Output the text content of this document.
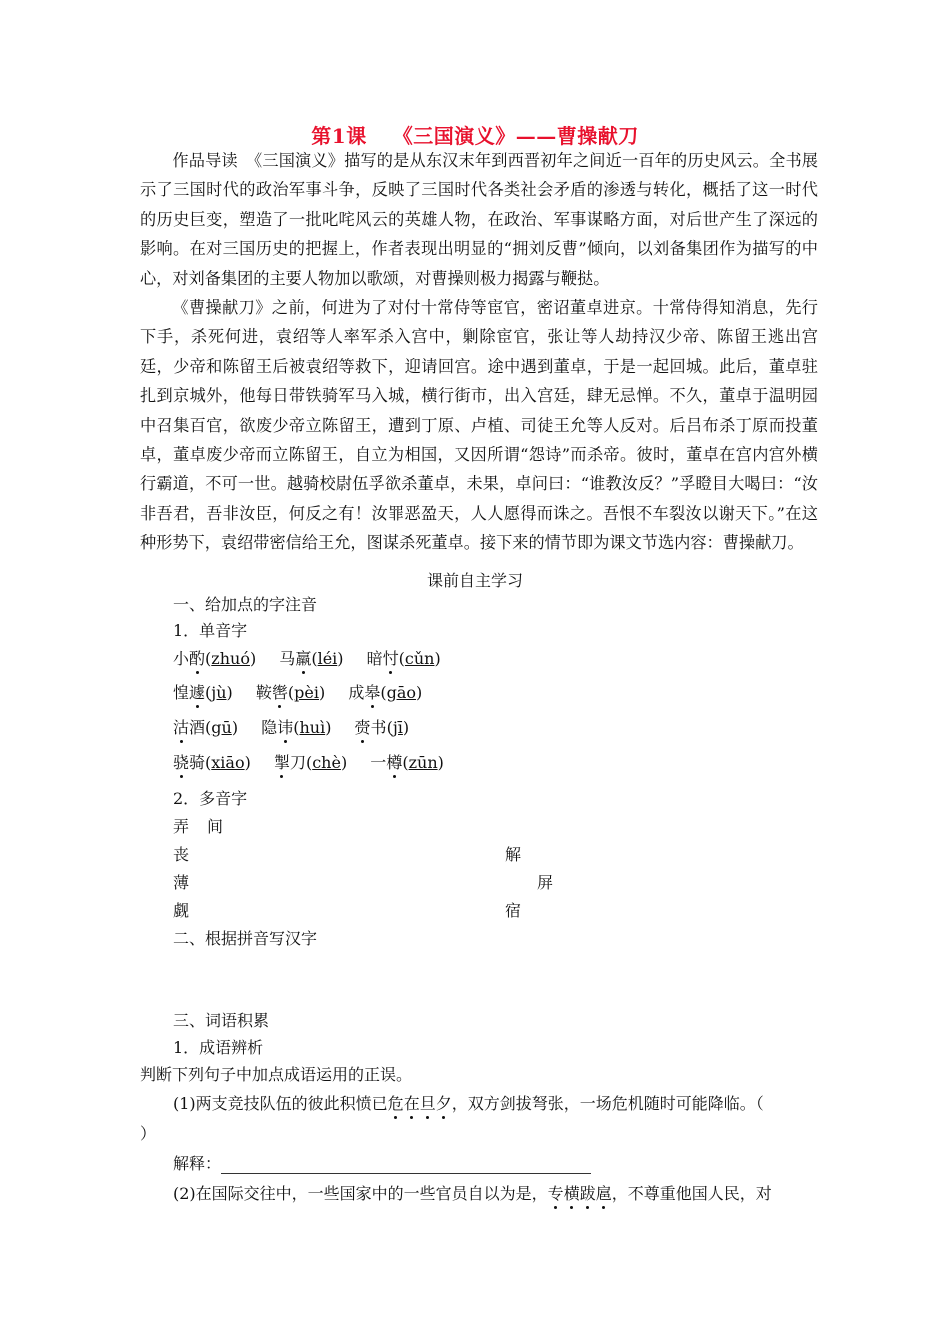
第1课 《三国演义》——曹操献刀

作品导读　《三国演义》描写的是从东汉末年到西晋初年之间近一百年的历史风云。全书展示了三国时代的政治军事斗争，反映了三国时代各类社会矛盾的渗透与转化，概括了这一时代的历史巨变，塑造了一批叱咤风云的英雄人物，在政治、军事谋略方面，对后世产生了深远的影响。在对三国历史的把握上，作者表现出明显的“拥刘反曹”倾向，以刘备集团作为描写的中心，对刘备集团的主要人物加以歌颂，对曹操则极力揭露与鞭挞。

《曹操献刀》之前，何进为了对付十常侍等宦官，密诏董卓进京。十常侍得知消息，先行下手，杀死何进，袁绍等人率军杀入宫中，剿除宦官，张让等人劫持汉少帝、陈留王逃出宫廷，少帝和陈留王后被袁绍等救下，迎请回宫。途中遇到董卓，于是一起回城。此后，董卓驻扎到京城外，他每日带铁骑军马入城，横行街市，出入宫廷，肆无忌惮。不久，董卓于温明园中召集百官，欲废少帝立陈留王，遭到丁原、卢植、司徒王允等人反对。后吕布杀丁原而投董卓，董卓废少帝而立陈留王，自立为相国，又因所谓“怨诗”而杀帝。彼时，董卓在宫内宫外横行霸道，不可一世。越骑校尉伍孚欲杀董卓，未果，卓问曰：“谁教汝反？”孚瞪目大喝曰：“汝非吾君，吾非汝臣，何反之有！汝罪恶盈天，人人愿得而诛之。吾恨不车裂汝以谢天下。”在这种形势下，袁绍带密信给王允，图谋杀死董卓。接下来的情节即为课文节选内容：曹操献刀。

课前自主学习
一、给加点的字注音
1．单音字
小酌(zhuó) 马羸(léi) 暗忖(cǔn)
惶遽(jù) 鞍辔(pèi) 成皋(gāo)
沽酒(gū) 隐讳(huì) 赍书(jī)
骁骑(xiāo) 掣刀(chè) 一樽(zūn)
2．多音字
弄 间
丧	解
薄	屏
觑	宿
二、根据拼音写汉字
三、词语积累
1．成语辨析
判断下列句子中加点成语运用的正误。
(1)两支竞技队伍的彼此积愤已危在旦夕，双方剑拔弩张，一场危机随时可能降临。（
）
解释：
(2)在国际交往中，一些国家中的一些官员自以为是，专横跋扈，不尊重他国人民，对
